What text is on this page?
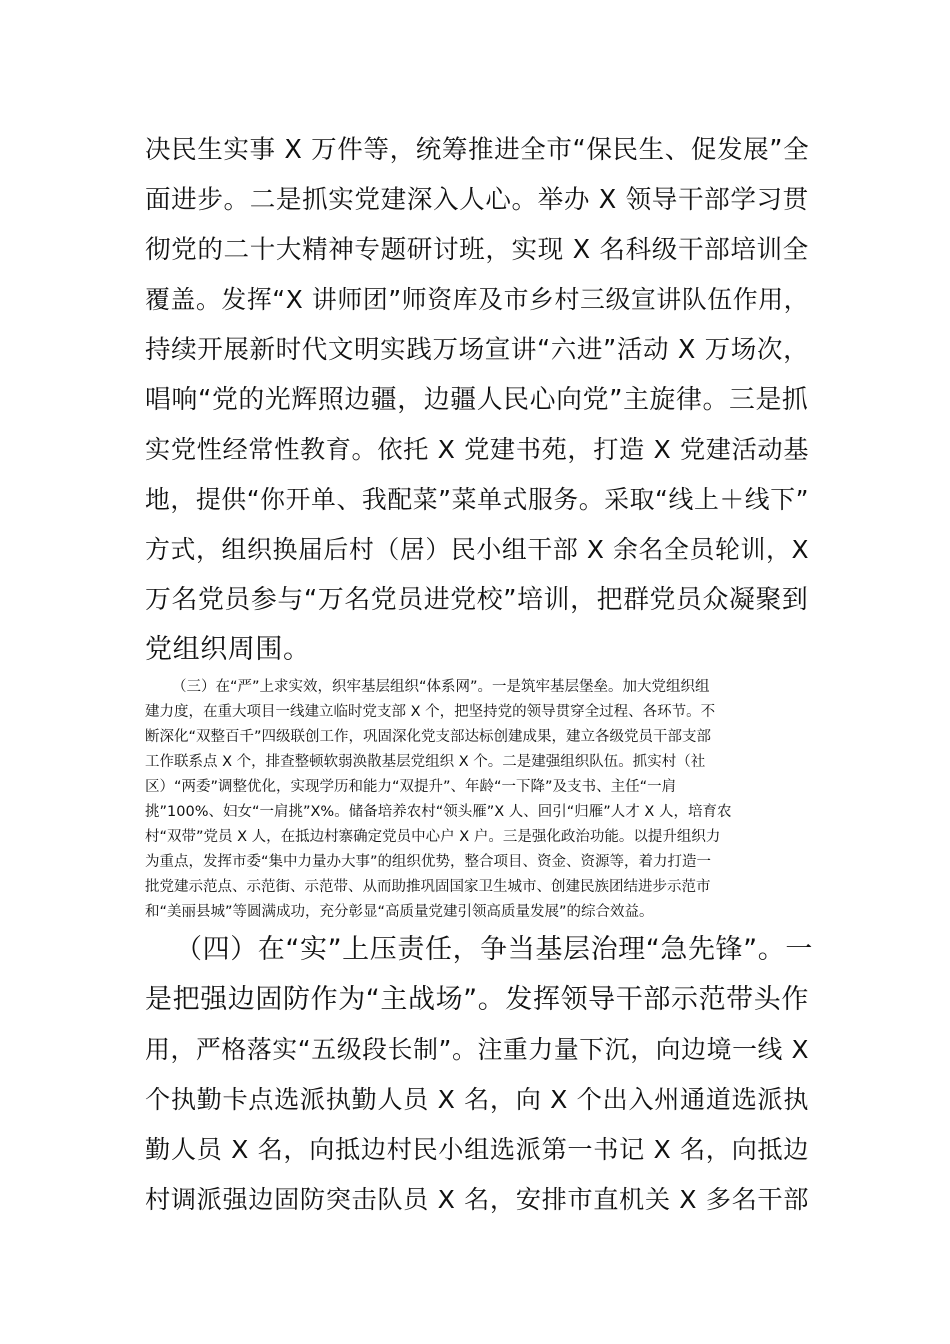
决民生实事 X 万件等，统筹推进全市“保民生、促发展”全
面进步。二是抓实党建深入人心。举办 X 领导干部学习贯
彻党的二十大精神专题研讨班，实现 X 名科级干部培训全
覆盖。发挥“X 讲师团”师资库及市乡村三级宣讲队伍作用，
持续开展新时代文明实践万场宣讲“六进”活动 X 万场次，
唱响“党的光辉照边疆，边疆人民心向党”主旋律。三是抓
实党性经常性教育。依托 X 党建书苑，打造 X 党建活动基
地，提供“你开单、我配菜”菜单式服务。采取“线上＋线下”
方式，组织换届后村（居）民小组干部 X 余名全员轮训，X
万名党员参与“万名党员进党校”培训，把群党员众凝聚到
党组织周围。
（三）在“严”上求实效，织牢基层组织“体系网”。一是筑牢基层堡垒。加大党组织组
建力度，在重大项目一线建立临时党支部 X 个，把坚持党的领导贯穿全过程、各环节。不
断深化“双整百千”四级联创工作，巩固深化党支部达标创建成果，建立各级党员干部支部
工作联系点 X 个，排查整顿软弱涣散基层党组织 X 个。二是建强组织队伍。抓实村（社
区）“两委”调整优化，实现学历和能力“双提升”、年龄“一下降”及支书、主任“一肩
挑”100%、妇女“一肩挑”X%。储备培养农村“领头雁”X 人、回引“归雁”人才 X 人，培育农
村“双带”党员 X 人，在抵边村寨确定党员中心户 X 户。三是强化政治功能。以提升组织力
为重点，发挥市委“集中力量办大事”的组织优势，整合项目、资金、资源等，着力打造一
批党建示范点、示范街、示范带、从而助推巩固国家卫生城市、创建民族团结进步示范市
和“美丽县城”等圆满成功，充分彰显“高质量党建引领高质量发展”的综合效益。
（四）在“实”上压责任，争当基层治理“急先锋”。一
是把强边固防作为“主战场”。发挥领导干部示范带头作
用，严格落实“五级段长制”。注重力量下沉，向边境一线 X
个执勤卡点选派执勤人员 X 名，向 X 个出入州通道选派执
勤人员 X 名，向抵边村民小组选派第一书记 X 名，向抵边
村调派强边固防突击队员 X 名，安排市直机关 X 多名干部
